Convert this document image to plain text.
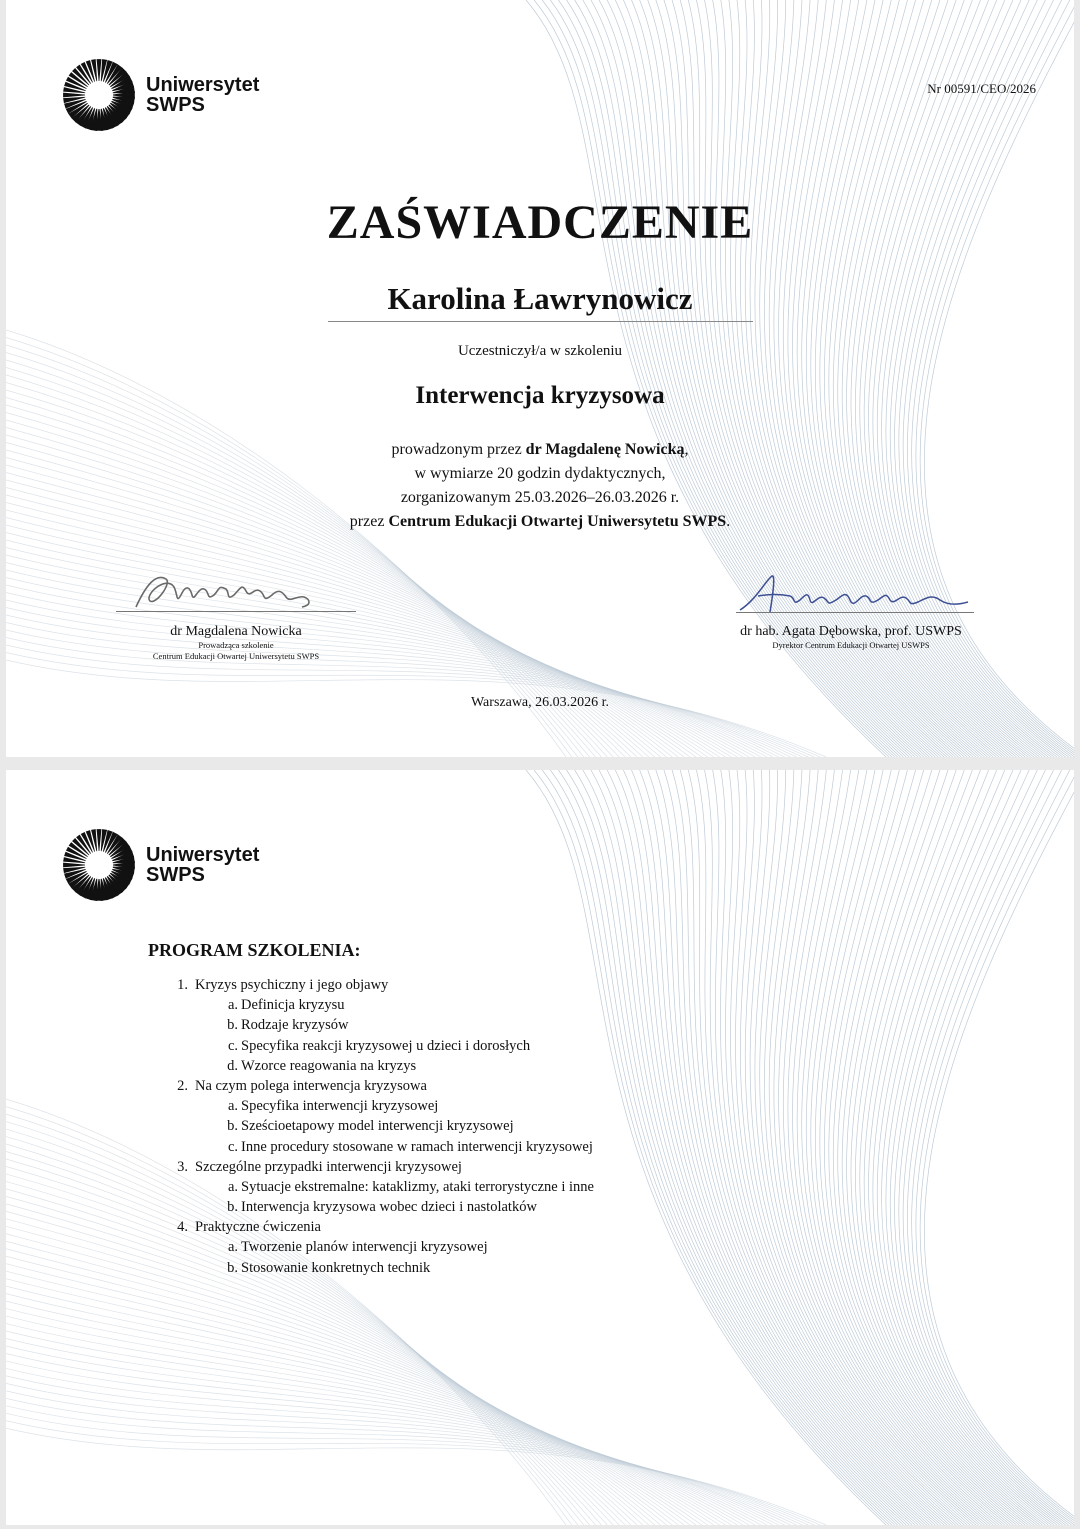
Uniwersytet
SWPS
Nr 00591/CEO/2026
ZAŚWIADCZENIE
Karolina Ławrynowicz
Uczestniczył/a w szkoleniu
Interwencja kryzysowa
prowadzonym przez dr Magdalenę Nowicką,
w wymiarze 20 godzin dydaktycznych,
zorganizowanym 25.03.2026–26.03.2026 r.
przez Centrum Edukacji Otwartej Uniwersytetu SWPS.
dr Magdalena Nowicka
Prowadząca szkolenie
Centrum Edukacji Otwartej Uniwersytetu SWPS
dr hab. Agata Dębowska, prof. USWPS
Dyrektor Centrum Edukacji Otwartej USWPS
Warszawa, 26.03.2026 r.
Uniwersytet
SWPS
PROGRAM SZKOLENIA:
1. Kryzys psychiczny i jego objawy
a. Definicja kryzysu
b. Rodzaje kryzysów
c. Specyfika reakcji kryzysowej u dzieci i dorosłych
d. Wzorce reagowania na kryzys
2. Na czym polega interwencja kryzysowa
a. Specyfika interwencji kryzysowej
b. Sześcioetapowy model interwencji kryzysowej
c. Inne procedury stosowane w ramach interwencji kryzysowej
3. Szczególne przypadki interwencji kryzysowej
a. Sytuacje ekstremalne: kataklizmy, ataki terrorystyczne i inne
b. Interwencja kryzysowa wobec dzieci i nastolatków
4. Praktyczne ćwiczenia
a. Tworzenie planów interwencji kryzysowej
b. Stosowanie konkretnych technik
